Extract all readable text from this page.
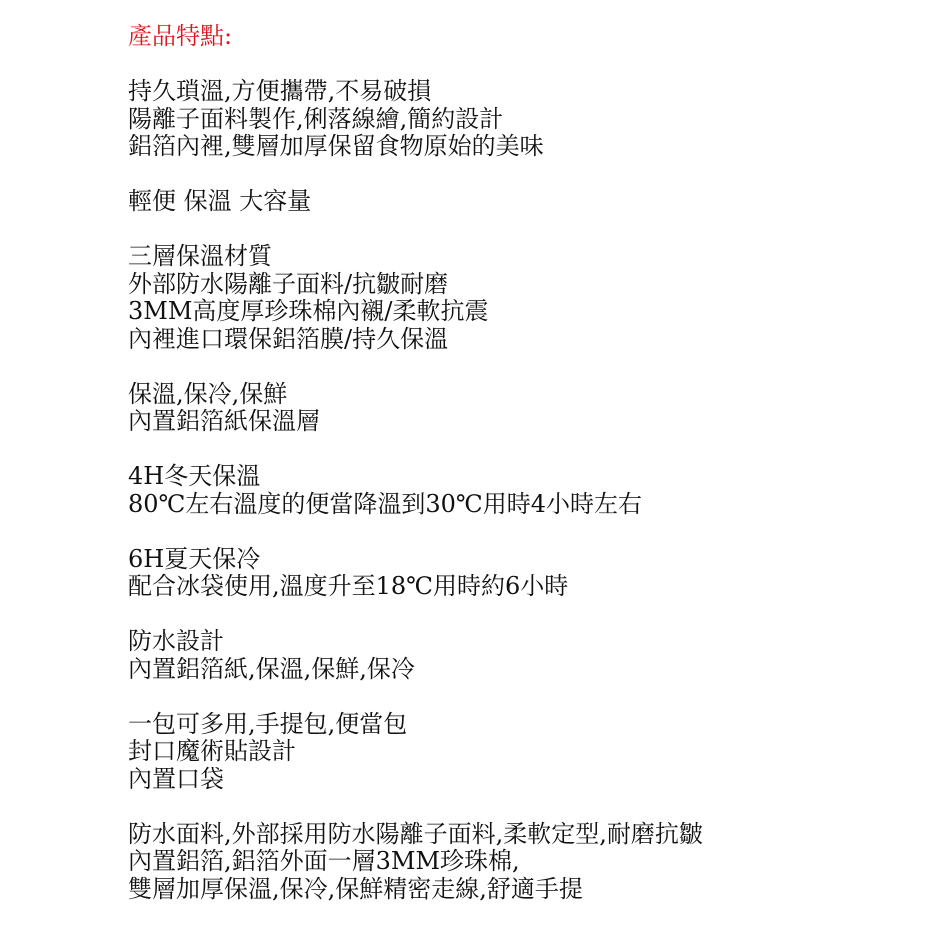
產品特點:
持久瑣溫,方便攜帶,不易破損
陽離子面料製作,俐落線繪,簡約設計
鋁箔內裡,雙層加厚保留食物原始的美味
輕便 保溫 大容量
三層保溫材質
外部防水陽離子面料/抗皺耐磨
3MM高度厚珍珠棉內襯/柔軟抗震
內裡進口環保鋁箔膜/持久保溫
保溫,保冷,保鮮
內置鋁箔紙保溫層
4H冬天保溫
80℃左右溫度的便當降溫到30℃用時4小時左右
6H夏天保冷
配合冰袋使用,溫度升至18℃用時約6小時
防水設計
內置鋁箔紙,保溫,保鮮,保冷
一包可多用,手提包,便當包
封口魔術貼設計
內置口袋
防水面料,外部採用防水陽離子面料,柔軟定型,耐磨抗皺
內置鋁箔,鋁箔外面一層3MM珍珠棉,
雙層加厚保溫,保冷,保鮮精密走線,舒適手提
